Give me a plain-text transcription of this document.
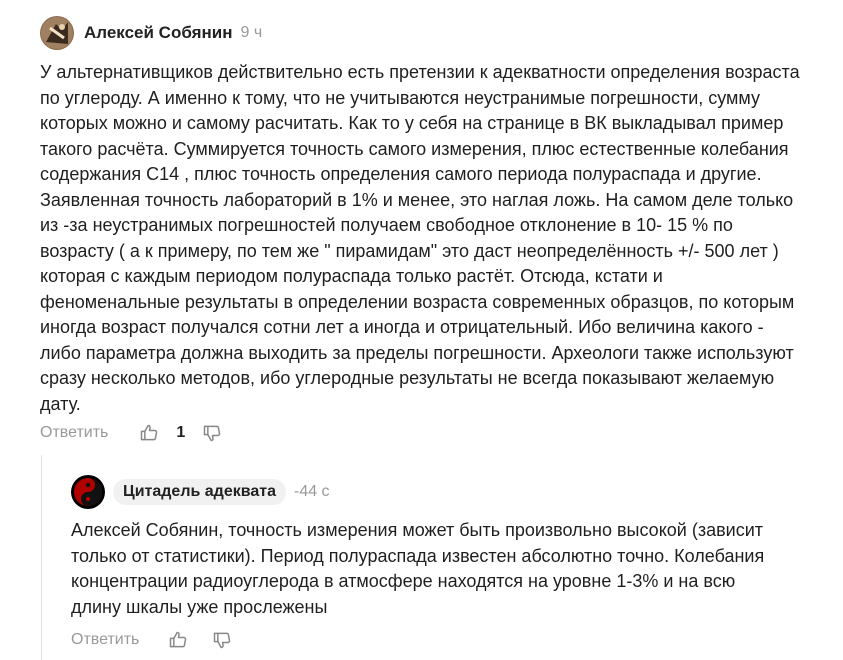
Алексей Собянин 9 ч
У альтернативщиков действительно есть претензии к адекватности определения возраста по углероду. А именно к тому, что не учитываются неустранимые погрешности, сумму которых можно и самому расчитать. Как то у себя на странице в ВК выкладывал пример такого расчёта. Суммируется точность самого измерения, плюс естественные колебания содержания С14 , плюс точность определения самого периода полураспада и другие. Заявленная точность лабораторий в 1% и менее, это наглая ложь. На самом деле только из -за неустранимых погрешностей получаем свободное отклонение в 10- 15 % по возрасту ( а к примеру, по тем же " пирамидам" это даст неопределённость +/- 500 лет ) которая с каждым периодом полураспада только растёт. Отсюда, кстати и феноменальные результаты в определении возраста современных образцов, по которым иногда возраст получался сотни лет а иногда и отрицательный. Ибо величина какого - либо параметра должна выходить за пределы погрешности. Археологи также используют сразу несколько методов, ибо углеродные результаты не всегда показывают желаемую дату.
Ответить	1
Цитадель адеквата	-44 с
Алексей Собянин, точность измерения может быть произвольно высокой (зависит только от статистики). Период полураспада известен абсолютно точно. Колебания концентрации радиоуглерода в атмосфере находятся на уровне 1-3% и на всю длину шкалы уже прослежены
Ответить
